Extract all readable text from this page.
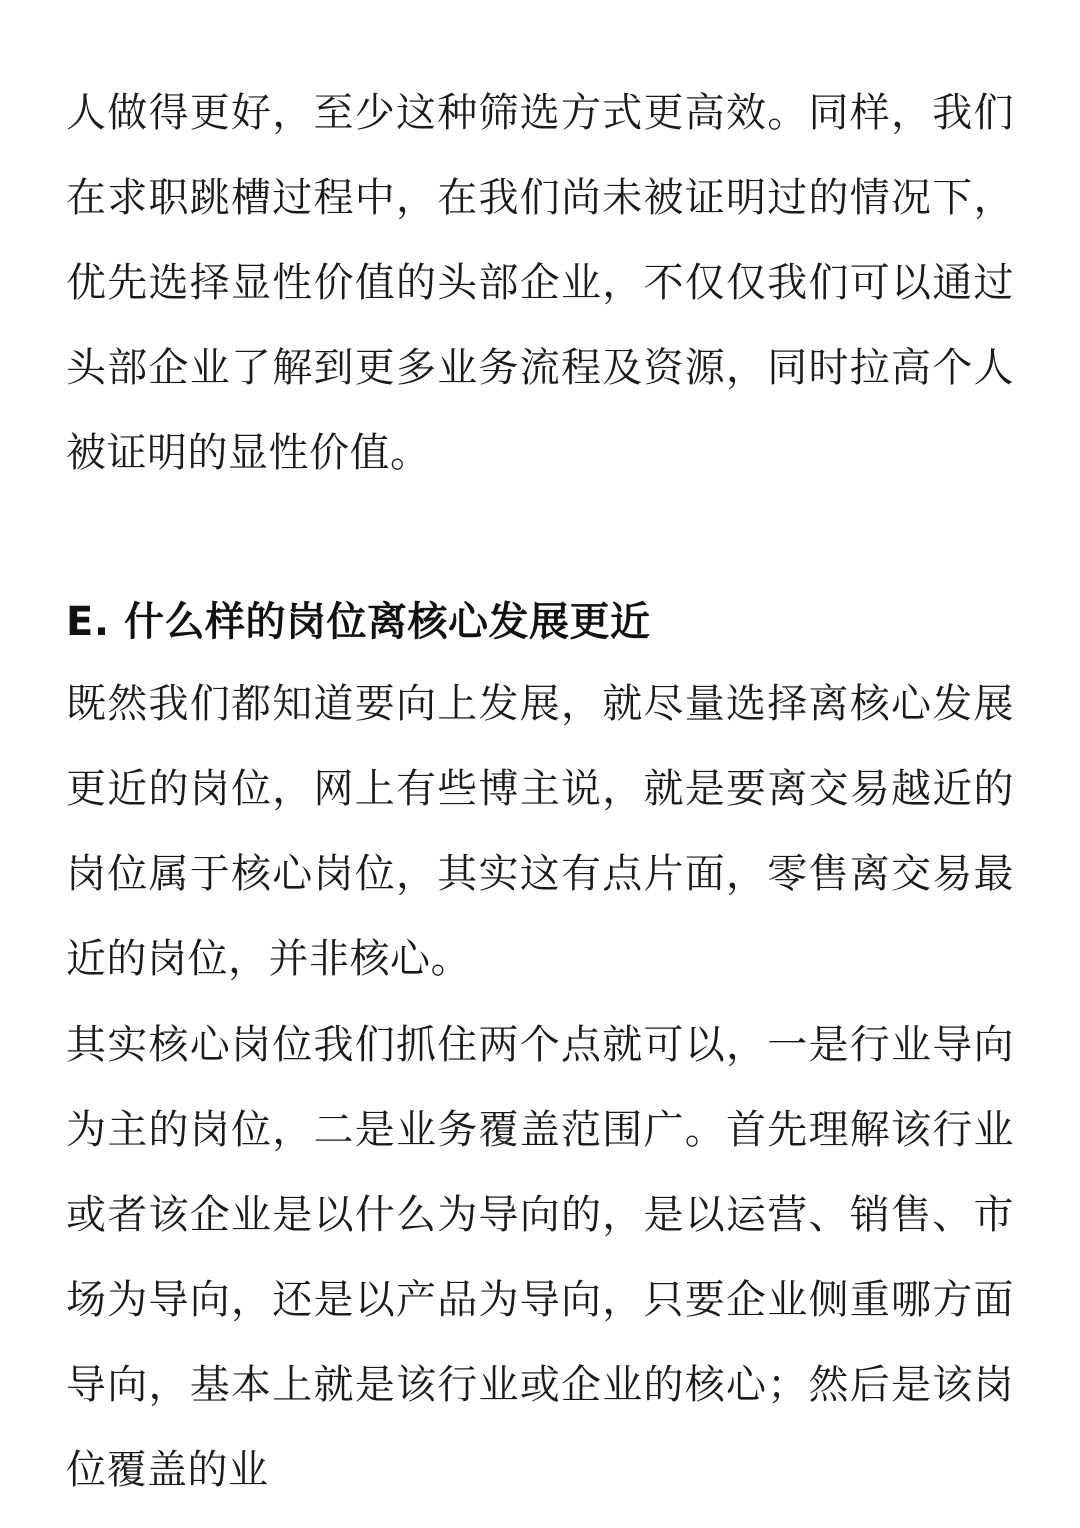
人做得更好，至少这种筛选方式更高效。同样，我们在求职跳槽过程中，在我们尚未被证明过的情况下，优先选择显性价值的头部企业，不仅仅我们可以通过头部企业了解到更多业务流程及资源，同时拉高个人被证明的显性价值。

E. 什么样的岗位离核心发展更近

既然我们都知道要向上发展，就尽量选择离核心发展更近的岗位，网上有些博主说，就是要离交易越近的岗位属于核心岗位，其实这有点片面，零售离交易最近的岗位，并非核心。

其实核心岗位我们抓住两个点就可以，一是行业导向为主的岗位，二是业务覆盖范围广。首先理解该行业或者该企业是以什么为导向的，是以运营、销售、市场为导向，还是以产品为导向，只要企业侧重哪方面导向，基本上就是该行业或企业的核心；然后是该岗位覆盖的业
